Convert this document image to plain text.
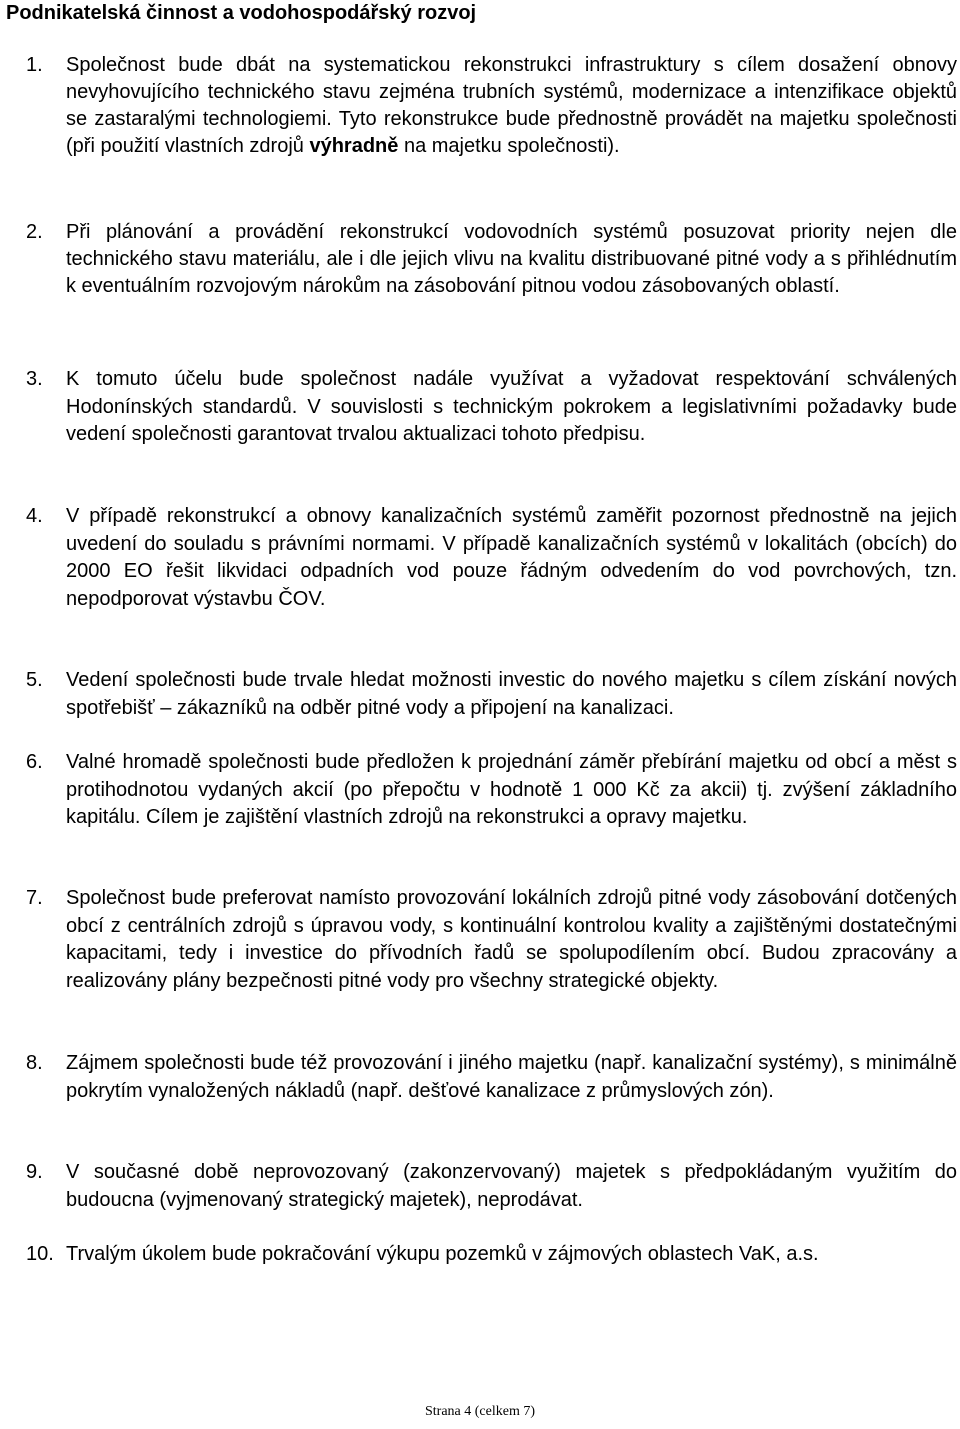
Podnikatelská činnost a vodohospodářský rozvoj
1. Společnost bude dbát na systematickou rekonstrukci infrastruktury s cílem dosažení obnovy nevyhovujícího technického stavu zejména trubních systémů, modernizace a intenzifikace objektů se zastaralými technologiemi. Tyto rekonstrukce bude přednostně provádět na majetku společnosti (při použití vlastních zdrojů výhradně na majetku společnosti).

2. Při plánování a provádění rekonstrukcí vodovodních systémů posuzovat priority nejen dle technického stavu materiálu, ale i dle jejich vlivu na kvalitu distribuované pitné vody a s přihlédnutím k eventuálním rozvojovým nárokům na zásobování pitnou vodou zásobovaných oblastí.

3. K tomuto účelu bude společnost nadále využívat a vyžadovat respektování schválených Hodonínských standardů. V souvislosti s technickým pokrokem a legislativními požadavky bude vedení společnosti garantovat trvalou aktualizaci tohoto předpisu.

4. V případě rekonstrukcí a obnovy kanalizačních systémů zaměřit pozornost přednostně na jejich uvedení do souladu s právními normami. V případě kanalizačních systémů v lokalitách (obcích) do 2000 EO řešit likvidaci odpadních vod pouze řádným odvedením do vod povrchových, tzn. nepodporovat výstavbu ČOV.

5. Vedení společnosti bude trvale hledat možnosti investic do nového majetku s cílem získání nových spotřebišť – zákazníků na odběr pitné vody a připojení na kanalizaci.

6. Valné hromadě společnosti bude předložen k projednání záměr přebírání majetku od obcí a měst s protihodnotou vydaných akcií (po přepočtu v hodnotě 1 000 Kč za akcii) tj. zvýšení základního kapitálu. Cílem je zajištění vlastních zdrojů na rekonstrukci a opravy majetku.

7. Společnost bude preferovat namísto provozování lokálních zdrojů pitné vody zásobování dotčených obcí z centrálních zdrojů s úpravou vody, s kontinuální kontrolou kvality a zajištěnými dostatečnými kapacitami, tedy i investice do přívodních řadů se spolupodílením obcí. Budou zpracovány a realizovány plány bezpečnosti pitné vody pro všechny strategické objekty.

8. Zájmem společnosti bude též provozování i jiného majetku (např. kanalizační systémy), s minimálně pokrytím vynaložených nákladů (např. dešťové kanalizace z průmyslových zón).

9. V současné době neprovozovaný (zakonzervovaný) majetek s předpokládaným využitím do budoucna (vyjmenovaný strategický majetek), neprodávat.

10. Trvalým úkolem bude pokračování výkupu pozemků v zájmových oblastech VaK, a.s.

Strana 4 (celkem 7)
